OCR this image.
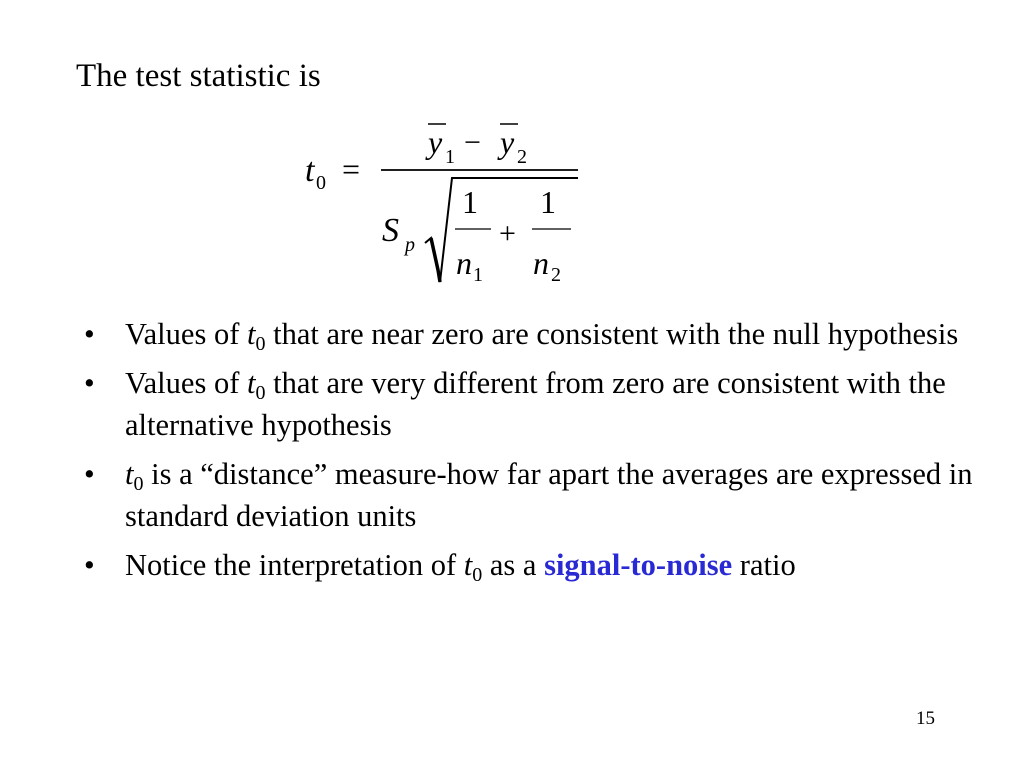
The test statistic is
t 0 =
y 1 − y 2
S p
1
n 1
+
1
n 2
• Values of $t_0$ that are near zero are consistent with the null hypothesis
• Values of $t_0$ that are very different from zero are consistent with the alternative hypothesis
• $t_0$ is a “distance” measure-how far apart the averages are expressed in standard deviation units
• Notice the interpretation of $t_0$ as a signal-to-noise ratio
15
